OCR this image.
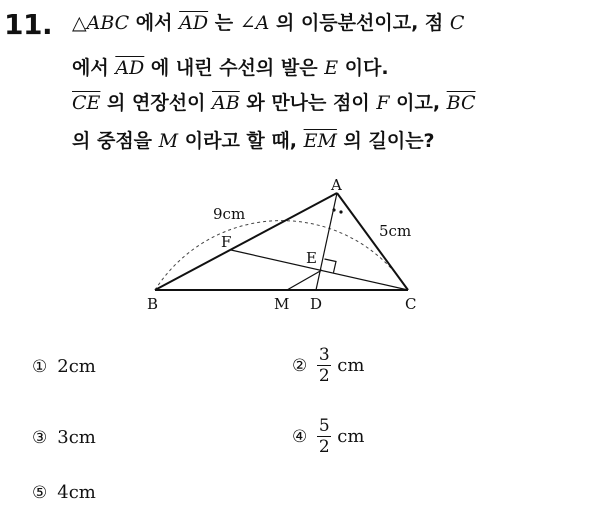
11. △ABC 에서 $\overline{AD}$ 는 ∠A 의 이등분선이고, 점 C
에서 $\overline{AD}$ 에 내린 수선의 발은 E 이다.
$\overline{CE}$ 의 연장선이 $\overline{AB}$ 와 만나는 점이 F 이고, $\overline{BC}$
의 중점을 M 이라고 할 때, $\overline{EM}$ 의 길이는?
A
B	C
D
M
E
F
9cm
5cm
① 2 cm	② $\frac{3}{2}$ cm
③ 3 cm	④ $\frac{5}{2}$ cm
⑤ 4 cm
